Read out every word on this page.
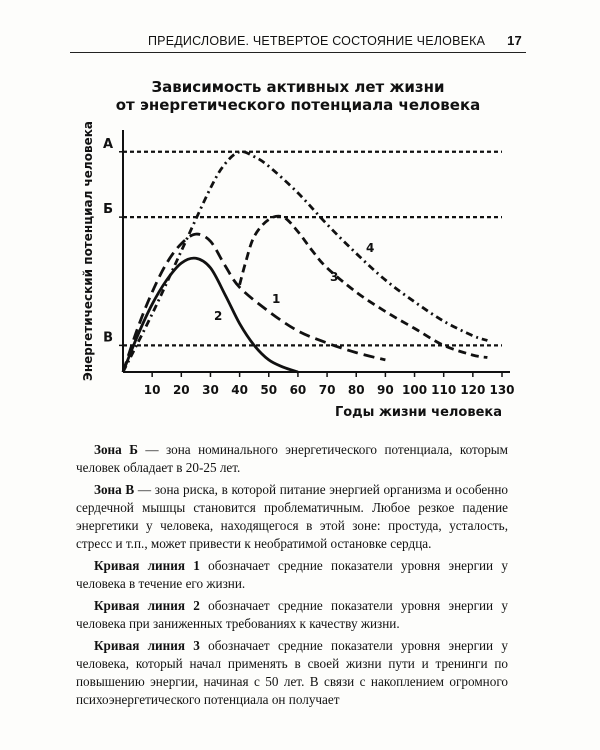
ПРЕДИСЛОВИЕ. ЧЕТВЕРТОЕ СОСТОЯНИЕ ЧЕЛОВЕКА 17
Зависимость активных лет жизни
от энергетического потенциала человека
10 20 30 40 50 60 70 80 90 100 110 120 130
А
Б
В
1
2
3
4
Годы жизни человека
Энергетический потенциал человека

Зона Б — зона номинального энергетического потенциала, которым человек обладает в 20-25 лет.

Зона В — зона риска, в которой питание энергией организма и особенно сердечной мышцы становится проблематичным. Любое резкое падение энергетики у человека, находящегося в этой зоне: простуда, усталость, стресс и т.п., может привести к необратимой остановке сердца.

Кривая линия 1 обозначает средние показатели уровня энергии у человека в течение его жизни.

Кривая линия 2 обозначает средние показатели уровня энергии у человека при заниженных требованиях к качеству жизни.

Кривая линия 3 обозначает средние показатели уровня энергии у человека, который начал применять в своей жизни пути и тренинги по повышению энергии, начиная с 50 лет. В связи с накоплением огромного психоэнергетического потенциала он получает
